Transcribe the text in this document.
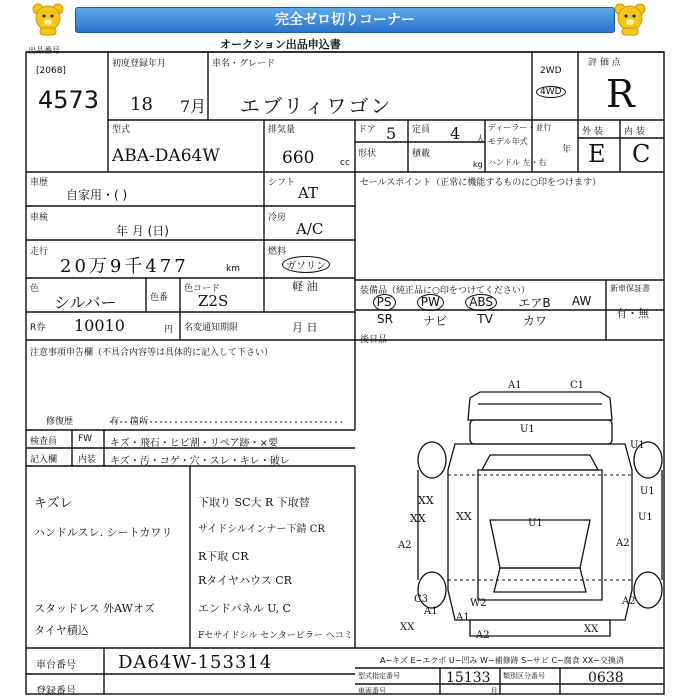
完全ゼロ切りコーナー
出品番号	オークション出品申込書
[2068]
4573
初度登録年月
18 7月
車名・グレード
エブリィワゴン
2WD
4WD
評 価 点
R
外 装 内 装
E C
型式
ABA-DA64W
排気量
660	cc
ドア 5 定員 4 人
形状	積載
kg
ディーラー・並行
モデル年式
年
ハンドル 左・右
車歴
自家用・( )
シフト
AT
セールスポイント（正常に機能するものに○印をつけます）
車検
年 月 (日)
冷房
A/C
走行
20万9千477	km
燃料
ガソリン
軽 油
色
シルバー	色番
色コード
Z2S
R券 10010	円 名変通知期限	月 日
装備品（純正品に○印をつけてください）	新車保証書
PS	PW	ABS	エアB AW
SR	ナビ	TV	カワ
有・無
後日品
注意事項申告欄（不具合内容等は具体的に記入して下さい）
修復歴	有 箇所
検査員
記入欄
FW
内装
キズ・飛石・ヒビ割・リペア跡・×要
キズ・汚・コゲ・穴・スレ・キレ・破レ
キズレ
ハンドルスレ. シートカワリ
スタッドレス 外AWオズ
タイヤ積込
下取り SC大 R 下取替
サイドシルインナー下錆 CR
R下取 CR
Rタイヤハウス CR
エンドパネル U, C
Fセサイドシル センターピラー ヘコミ
A1
U1
C1
U1
XX
U1
XX	XX
U1
A2	A2
U1
C3
A1
W2
A1
A2
A2
XX	XX
車台番号 DA64W-153314
登録番号
A−キズ E−エクボ U−凹み W−補修跡 S−サビ C−腐食 XX−交換済
型式指定番号	15133 類別区分番号	0638
車両番号	月
